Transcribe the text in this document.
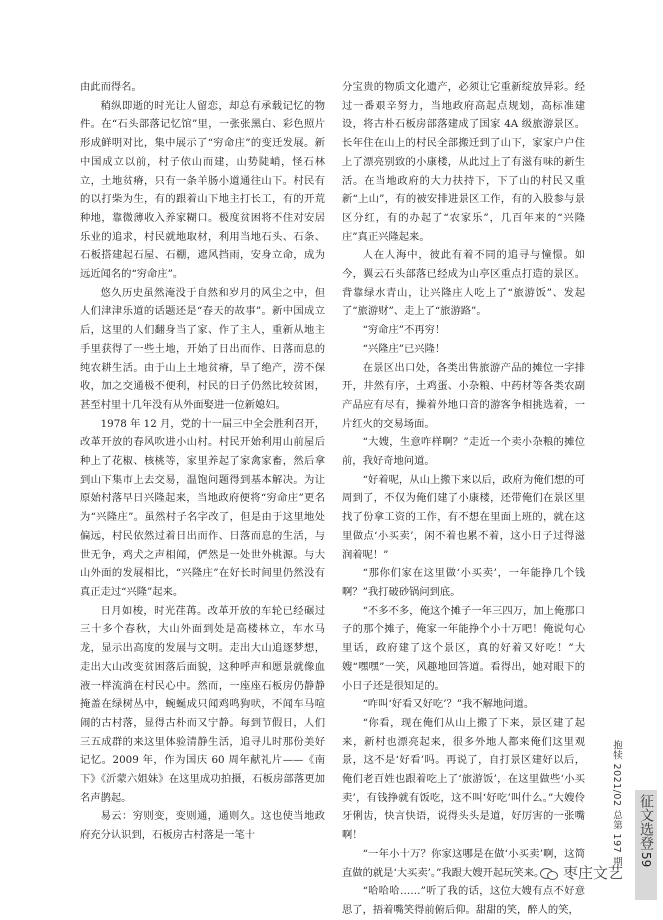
由此而得名。

稍纵即逝的时光让人留恋，却总有承载记忆的物件。在“石头部落记忆馆”里，一张张黑白、彩色照片形成鲜明对比，集中展示了“穷命庄”的变迁发展。新中国成立以前，村子依山而建，山势陡峭，怪石林立，土地贫瘠，只有一条羊肠小道通往山下。村民有的以打柴为生，有的跟着山下地主打长工，有的开荒种地，靠微薄收入养家糊口。极度贫困将不住对安居乐业的追求，村民就地取材，利用当地石头、石条、石板搭建起石屋、石棚，遮风挡雨，安身立命，成为远近闻名的“穷命庄”。

悠久历史虽然淹没于自然和岁月的风尘之中，但人们津津乐道的话题还是“春天的故事”。新中国成立后，这里的人们翻身当了家、作了主人，重新从地主手里获得了一些土地，开始了日出而作、日落而息的纯农耕生活。由于山上土地贫瘠，旱了绝产，涝不保收，加之交通极不便利，村民的日子仍然比较贫困，甚至村里十几年没有从外面娶进一位新媳妇。

1978 年 12 月，党的十一届三中全会胜利召开，改革开放的春风吹进小山村。村民开始利用山前屋后种上了花椒、核桃等，家里养起了家禽家畜，然后拿到山下集市上去交易，温饱问题得到基本解决。为让原始村落早日兴隆起来，当地政府便将“穷命庄”更名为“兴隆庄”。虽然村子名字改了，但是由于这里地处偏远，村民依然过着日出而作、日落而息的生活，与世无争，鸡犬之声相闻，俨然是一处世外桃源。与大山外面的发展相比，“兴隆庄”在好长时间里仍然没有真正走过“兴隆”起来。

日月如梭，时光荏苒。改革开放的车轮已经碾过三十多个春秋，大山外面到处是高楼林立，车水马龙，显示出高度的发展与文明。走出大山追逐梦想，走出大山改变贫困落后面貌，这种呼声和愿景就像血液一样流淌在村民心中。然而，一座座石板房仍静静掩盖在绿树丛中，蜿蜒成只闻鸡鸣狗吠，不闻车马喧闹的古村落，显得古朴而又宁静。每到节假日，人们三五成群的来这里体验清静生活，追寻儿时那份美好记忆。2009 年，作为国庆 60 周年献礼片——《南下》《沂蒙六姐妹》在这里成功拍摄，石板房部落更加名声鹊起。

易云：穷则变，变则通，通则久。这也使当地政府充分认识到，石板房古村落是一笔十

分宝贵的物质文化遗产，必须让它重新绽放异彩。经过一番艰辛努力，当地政府高起点规划，高标准建设，将古朴石板房部落建成了国家 4A 级旅游景区。长年住在山上的村民全部搬迁到了山下，家家户户住上了漂亮别致的小康楼，从此过上了有滋有味的新生活。在当地政府的大力扶持下，下了山的村民又重新“上山”，有的被安排进景区工作，有的入股参与景区分红，有的办起了“农家乐”，几百年来的“兴隆庄”真正兴隆起来。

人在人海中，彼此有着不同的追寻与憧憬。如今，翼云石头部落已经成为山亭区重点打造的景区。背靠绿水青山，让兴隆庄人吃上了“旅游饭”、发起了“旅游财”、走上了“旅游路”。

“穷命庄”不再穷！

“兴隆庄”已兴隆！

在景区出口处，各类出售旅游产品的摊位一字排开，井然有序，土鸡蛋、小杂粮、中药材等各类农副产品应有尽有，操着外地口音的游客争相挑选着，一片红火的交易场面。

“大嫂，生意咋样啊？”走近一个卖小杂粮的摊位前，我好奇地问道。

“好着呢，从山上搬下来以后，政府为俺们想的可周到了，不仅为俺们建了小康楼，还带俺们在景区里找了份拿工资的工作，有不想在里面上班的，就在这里做点‘小买卖’，闲不着也累不着，这小日子过得滋润着呢！”

“那你们家在这里做‘小买卖’，一年能挣几个钱啊？”我打破砂锅问到底。

“不多不多，俺这个摊子一年三四万，加上俺那口子的那个摊子，俺家一年能挣个小十万吧！俺说句心里话，政府建了这个景区，真的好着又好吃！”大嫂“嘿嘿”一笑，风趣地回答道。看得出，她对眼下的小日子还是很知足的。

“咋叫‘好看又好吃’？”我不解地问道。

“你看，现在俺们从山上搬了下来，景区建了起来，新村也漂亮起来，很多外地人都来俺们这里观景，这不是‘好看’吗。再说了，自打景区建好以后，俺们老百姓也跟着吃上了‘旅游饭’，在这里做些‘小买卖’，有钱挣就有饭吃，这不叫‘好吃’叫什么。”大嫂伶牙俐齿，快言快语，说得头头是道，好厉害的一张嘴啊！

“一年小十万？你家这哪是在做‘小买卖’啊，这简直做的就是‘大买卖’。”我跟大嫂开起玩笑来。

“哈哈哈……”听了我的话，这位大嫂有点不好意思了，捂着嘴笑得前俯后仰。甜甜的笑，醉人的笑，

抱犊 2021/02 总第 197 期 征文选登
59
枣庄文艺
